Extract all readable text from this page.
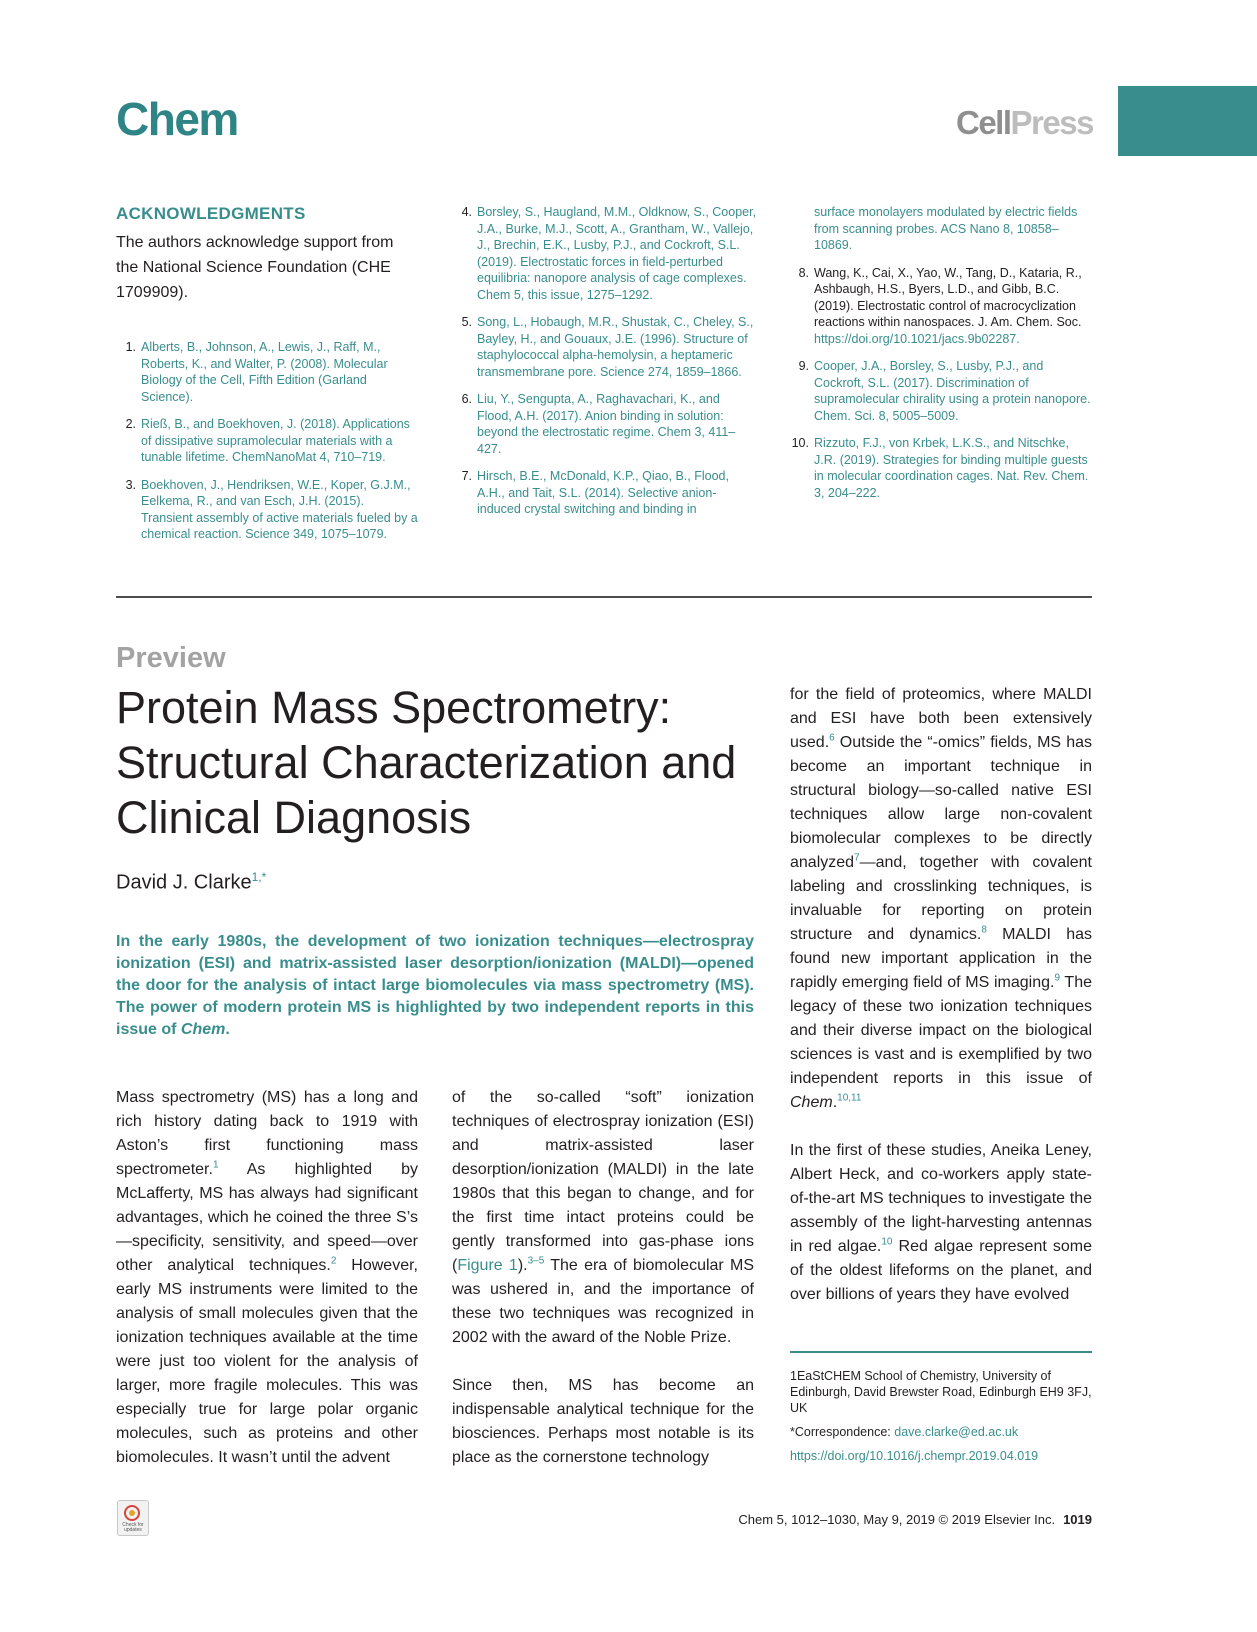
Chem	CellPress
ACKNOWLEDGMENTS

The authors acknowledge support from the National Science Foundation (CHE 1709909).

1. Alberts, B., Johnson, A., Lewis, J., Raff, M., Roberts, K., and Walter, P. (2008). Molecular Biology of the Cell, Fifth Edition (Garland Science).
2. Rieß, B., and Boekhoven, J. (2018). Applications of dissipative supramolecular materials with a tunable lifetime. ChemNanoMat 4, 710–719.
3. Boekhoven, J., Hendriksen, W.E., Koper, G.J.M., Eelkema, R., and van Esch, J.H. (2015). Transient assembly of active materials fueled by a chemical reaction. Science 349, 1075–1079.
4. Borsley, S., Haugland, M.M., Oldknow, S., Cooper, J.A., Burke, M.J., Scott, A., Grantham, W., Vallejo, J., Brechin, E.K., Lusby, P.J., and Cockroft, S.L. (2019). Electrostatic forces in field-perturbed equilibria: nanopore analysis of cage complexes. Chem 5, this issue, 1275–1292.
5. Song, L., Hobaugh, M.R., Shustak, C., Cheley, S., Bayley, H., and Gouaux, J.E. (1996). Structure of staphylococcal alpha-hemolysin, a heptameric transmembrane pore. Science 274, 1859–1866.
6. Liu, Y., Sengupta, A., Raghavachari, K., and Flood, A.H. (2017). Anion binding in solution: beyond the electrostatic regime. Chem 3, 411–427.
7. Hirsch, B.E., McDonald, K.P., Qiao, B., Flood, A.H., and Tait, S.L. (2014). Selective anion-induced crystal switching and binding in
surface monolayers modulated by electric fields from scanning probes. ACS Nano 8, 10858–10869.
8. Wang, K., Cai, X., Yao, W., Tang, D., Kataria, R., Ashbaugh, H.S., Byers, L.D., and Gibb, B.C. (2019). Electrostatic control of macrocyclization reactions within nanospaces. J. Am. Chem. Soc. https://doi.org/10.1021/jacs.9b02287.
9. Cooper, J.A., Borsley, S., Lusby, P.J., and Cockroft, S.L. (2017). Discrimination of supramolecular chirality using a protein nanopore. Chem. Sci. 8, 5005–5009.
10. Rizzuto, F.J., von Krbek, L.K.S., and Nitschke, J.R. (2019). Strategies for binding multiple guests in molecular coordination cages. Nat. Rev. Chem. 3, 204–222.
Preview
Protein Mass Spectrometry: Structural Characterization and Clinical Diagnosis
David J. Clarke$^{1,*}$

In the early 1980s, the development of two ionization techniques—electrospray ionization (ESI) and matrix-assisted laser desorption/ionization (MALDI)—opened the door for the analysis of intact large biomolecules via mass spectrometry (MS). The power of modern protein MS is highlighted by two independent reports in this issue of Chem.

Mass spectrometry (MS) has a long and rich history dating back to 1919 with Aston’s first functioning mass spectrometer.$^1$ As highlighted by McLafferty, MS has always had significant advantages, which he coined the three S’s—specificity, sensitivity, and speed—over other analytical techniques.$^2$ However, early MS instruments were limited to the analysis of small molecules given that the ionization techniques available at the time were just too violent for the analysis of larger, more fragile molecules. This was especially true for large polar organic molecules, such as proteins and other biomolecules. It wasn’t until the advent

of the so-called “soft” ionization techniques of electrospray ionization (ESI) and matrix-assisted laser desorption/ionization (MALDI) in the late 1980s that this began to change, and for the first time intact proteins could be gently transformed into gas-phase ions (Figure 1).$^{3-5}$ The era of biomolecular MS was ushered in, and the importance of these two techniques was recognized in 2002 with the award of the Noble Prize.

Since then, MS has become an indispensable analytical technique for the biosciences. Perhaps most notable is its place as the cornerstone technology

for the field of proteomics, where MALDI and ESI have both been extensively used.$^6$ Outside the “-omics” fields, MS has become an important technique in structural biology—so-called native ESI techniques allow large non-covalent biomolecular complexes to be directly analyzed$^7$—and, together with covalent labeling and crosslinking techniques, is invaluable for reporting on protein structure and dynamics.$^8$ MALDI has found new important application in the rapidly emerging field of MS imaging.$^9$ The legacy of these two ionization techniques and their diverse impact on the biological sciences is vast and is exemplified by two independent reports in this issue of Chem.$^{10,11}$

In the first of these studies, Aneika Leney, Albert Heck, and co-workers apply state-of-the-art MS techniques to investigate the assembly of the light-harvesting antennas in red algae.$^{10}$ Red algae represent some of the oldest lifeforms on the planet, and over billions of years they have evolved

1EaStCHEM School of Chemistry, University of Edinburgh, David Brewster Road, Edinburgh EH9 3FJ, UK

*Correspondence: dave.clarke@ed.ac.uk

https://doi.org/10.1016/j.chempr.2019.04.019

Check for updates
Chem 5, 1012–1030, May 9, 2019 © 2019 Elsevier Inc. 1019
